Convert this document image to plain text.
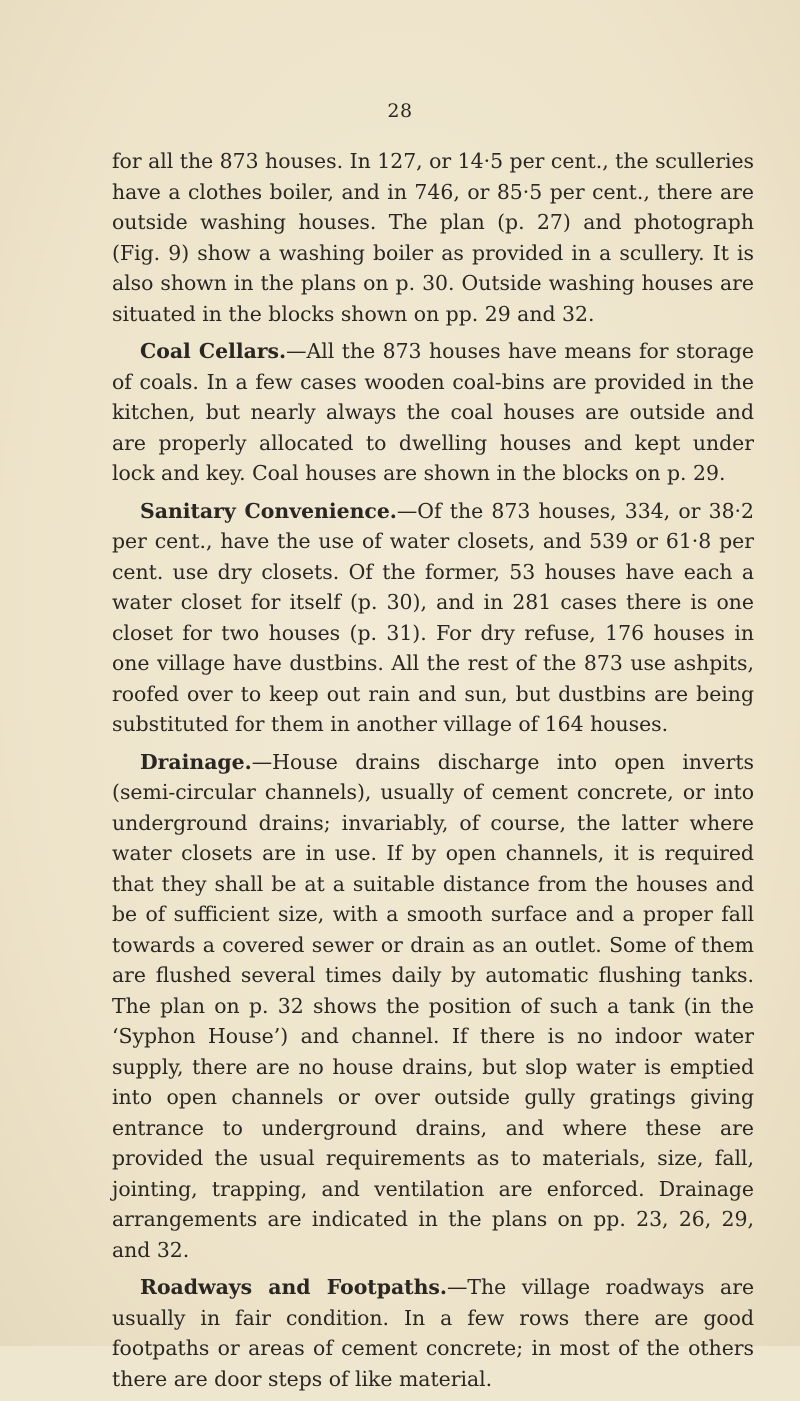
28

for all the 873 houses. In 127, or 14·5 per cent., the sculleries have a clothes boiler, and in 746, or 85·5 per cent., there are outside washing houses. The plan (p. 27) and photograph (Fig. 9) show a washing boiler as provided in a scullery. It is also shown in the plans on p. 30. Outside washing houses are situated in the blocks shown on pp. 29 and 32.

Coal Cellars.—All the 873 houses have means for storage of coals. In a few cases wooden coal-bins are provided in the kitchen, but nearly always the coal houses are outside and are properly allocated to dwelling houses and kept under lock and key. Coal houses are shown in the blocks on p. 29.

Sanitary Convenience.—Of the 873 houses, 334, or 38·2 per cent., have the use of water closets, and 539 or 61·8 per cent. use dry closets. Of the former, 53 houses have each a water closet for itself (p. 30), and in 281 cases there is one closet for two houses (p. 31). For dry refuse, 176 houses in one village have dustbins. All the rest of the 873 use ashpits, roofed over to keep out rain and sun, but dustbins are being substituted for them in another village of 164 houses.

Drainage.—House drains discharge into open inverts (semi-circular channels), usually of cement concrete, or into underground drains; invariably, of course, the latter where water closets are in use. If by open channels, it is required that they shall be at a suitable distance from the houses and be of sufficient size, with a smooth surface and a proper fall towards a covered sewer or drain as an outlet. Some of them are flushed several times daily by automatic flushing tanks. The plan on p. 32 shows the position of such a tank (in the ‘Syphon House’) and channel. If there is no indoor water supply, there are no house drains, but slop water is emptied into open channels or over outside gully gratings giving entrance to underground drains, and where these are provided the usual requirements as to materials, size, fall, jointing, trapping, and ventilation are enforced. Drainage arrangements are indicated in the plans on pp. 23, 26, 29, and 32.

Roadways and Footpaths.—The village roadways are usually in fair condition. In a few rows there are good footpaths or areas of cement concrete; in most of the others there are door steps of like material.
